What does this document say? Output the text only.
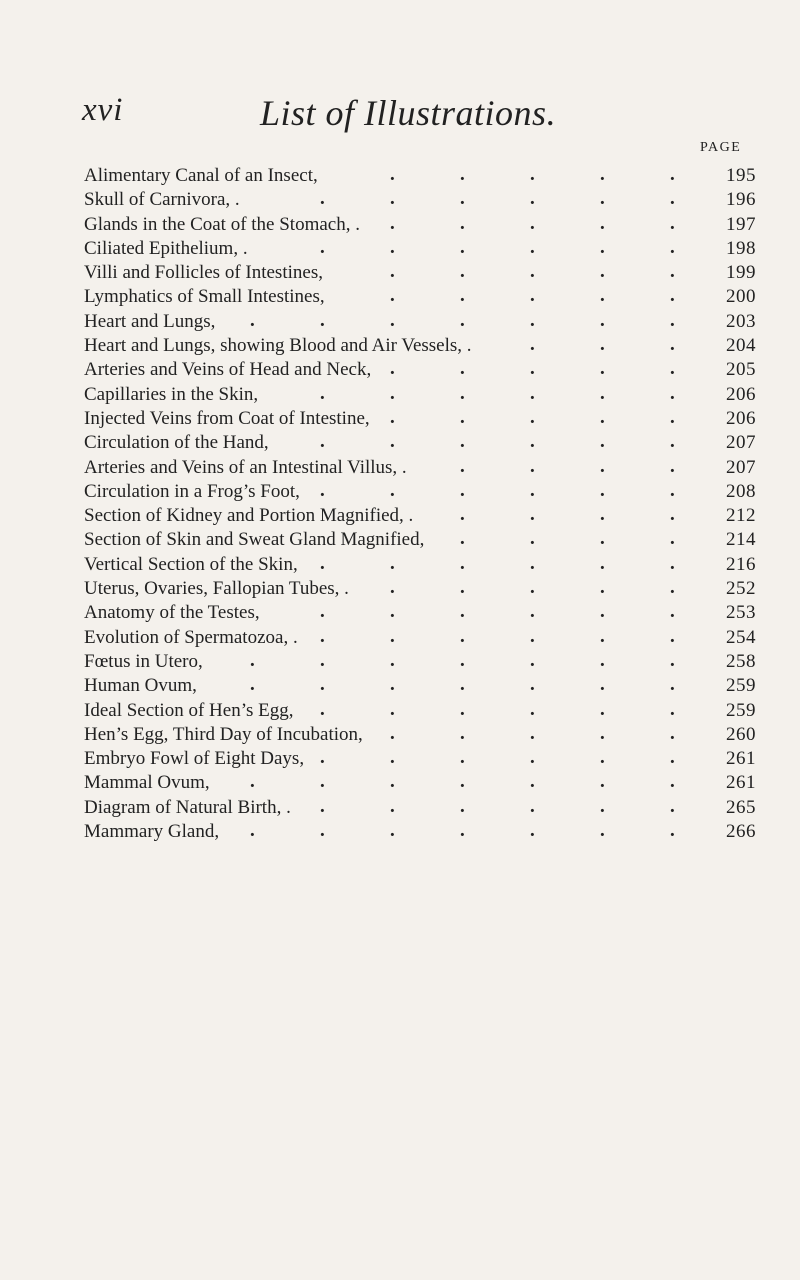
xvi	List of Illustrations.
PAGE
.	.	.	.	.
Alimentary Canal of an Insect,	195
.	.	.	.	.	.
Skull of Carnivora, .	196
.	.	.	.	.
Glands in the Coat of the Stomach, .	197
.	.	.	.	.	.
Ciliated Epithelium, .	198
.	.	.	.	.
Villi and Follicles of Intestines,	199
.	.	.	.	.
Lymphatics of Small Intestines,	200
.	.	.	.	.	.	.
Heart and Lungs,	203
.	.	.
Heart and Lungs, showing Blood and Air Vessels, .	204
.	.	.	.	.
Arteries and Veins of Head and Neck,	205
.	.	.	.	.	.
Capillaries in the Skin,	206
.	.	.	.	.
Injected Veins from Coat of Intestine,	206
.	.	.	.	.	.
Circulation of the Hand,	207
.	.	.	.
Arteries and Veins of an Intestinal Villus, .	207
.	.	.	.	.	.
Circulation in a Frog’s Foot,	208
.	.	.	.
Section of Kidney and Portion Magnified, .	212
.	.	.	.
Section of Skin and Sweat Gland Magnified,	214
.	.	.	.	.	.
Vertical Section of the Skin,	216
.	.	.	.	.
Uterus, Ovaries, Fallopian Tubes, .	252
.	.	.	.	.	.
Anatomy of the Testes,	253
.	.	.	.	.	.
Evolution of Spermatozoa, .	254
.	.	.	.	.	.	.
Fœtus in Utero,	258
.	.	.	.	.	.	.
Human Ovum,	259
.	.	.	.	.	.
Ideal Section of Hen’s Egg,	259
.	.	.	.	.
Hen’s Egg, Third Day of Incubation,	260
.	.	.	.	.	.
Embryo Fowl of Eight Days,	261
.	.	.	.	.	.	.
Mammal Ovum,	261
.	.	.	.	.	.
Diagram of Natural Birth, .	265
.	.	.	.	.	.	.
Mammary Gland,	266
